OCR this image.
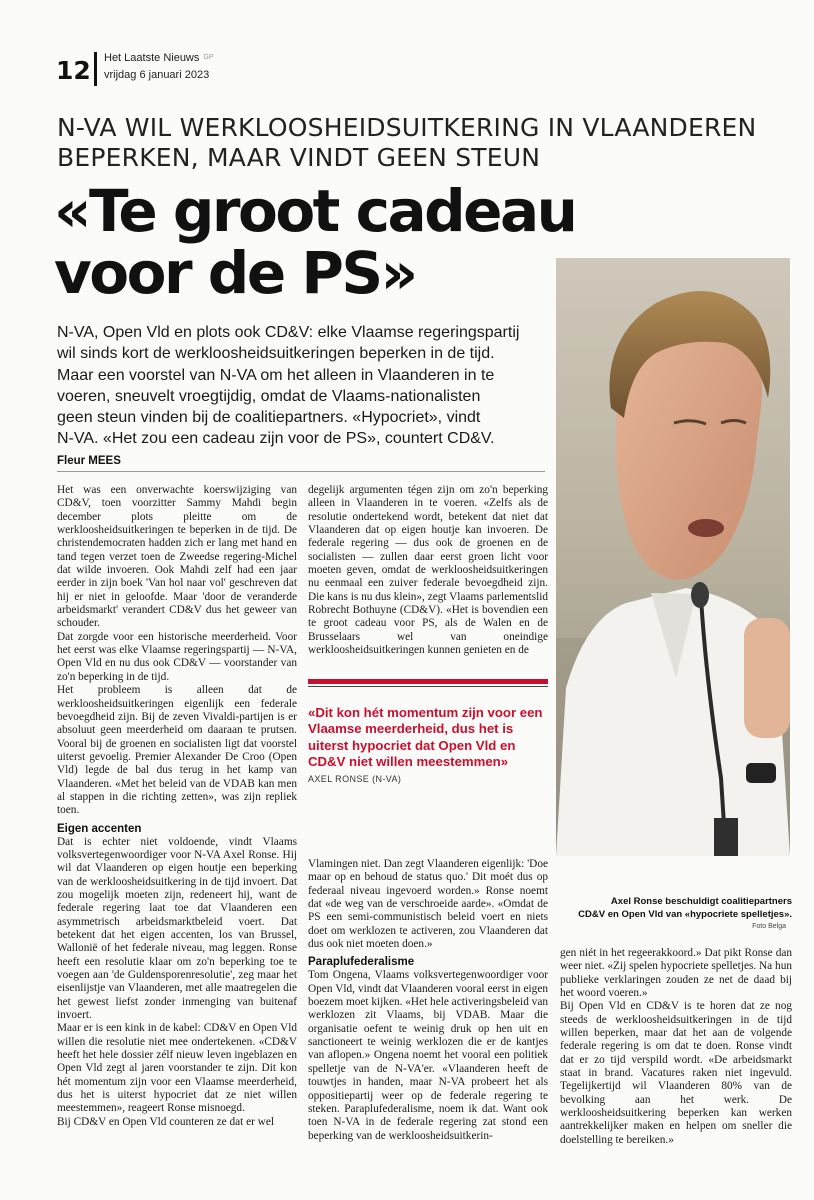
12 Het Laatste Nieuws GP
vrijdag 6 januari 2023
N-VA WIL WERKLOOSHEIDSUITKERING IN VLAANDEREN
BEPERKEN, MAAR VINDT GEEN STEUN
«Te groot cadeau
voor de PS»
N-VA, Open Vld en plots ook CD&V: elke Vlaamse regeringspartij
wil sinds kort de werkloosheidsuitkeringen beperken in de tijd.
Maar een voorstel van N-VA om het alleen in Vlaanderen in te
voeren, sneuvelt vroegtijdig, omdat de Vlaams-nationalisten
geen steun vinden bij de coalitiepartners. «Hypocriet», vindt
N-VA. «Het zou een cadeau zijn voor de PS», countert CD&V.
Fleur MEES
Axel Ronse beschuldigt coalitiepartners
CD&V en Open Vld van «hypocriete spelletjes».
Foto Belga

Het was een onverwachte koerswijziging van CD&V, toen voorzitter Sammy Mahdi begin december plots pleitte om de werkloosheidsuitkeringen te beperken in de tijd. De christendemocraten hadden zich er lang met hand en tand tegen verzet toen de Zweedse regering-Michel dat wilde invoeren. Ook Mahdi zelf had een jaar eerder in zijn boek 'Van hol naar vol' geschreven dat hij er niet in geloofde. Maar 'door de veranderde arbeidsmarkt' verandert CD&V dus het geweer van schouder.

Dat zorgde voor een historische meerderheid. Voor het eerst was elke Vlaamse regeringspartij — N-VA, Open Vld en nu dus ook CD&V — voorstander van zo'n beperking in de tijd.

Het probleem is alleen dat de werkloosheidsuitkeringen eigenlijk een federale bevoegdheid zijn. Bij de zeven Vivaldi-partijen is er absoluut geen meerderheid om daaraan te prutsen. Vooral bij de groenen en socialisten ligt dat voorstel uiterst gevoelig. Premier Alexander De Croo (Open Vld) legde de bal dus terug in het kamp van Vlaanderen. «Met het beleid van de VDAB kan men al stappen in die richting zetten», was zijn repliek toen.

Eigen accenten

Dat is echter niet voldoende, vindt Vlaams volksvertegenwoordiger voor N-VA Axel Ronse. Hij wil dat Vlaanderen op eigen houtje een beperking van de werkloosheidsuitkering in de tijd invoert. Dat zou mogelijk moeten zijn, redeneert hij, want de federale regering laat toe dat Vlaanderen een asymmetrisch arbeidsmarktbeleid voert. Dat betekent dat het eigen accenten, los van Brussel, Wallonië of het federale niveau, mag leggen. Ronse heeft een resolutie klaar om zo'n beperking toe te voegen aan 'de Guldensporenresolutie', zeg maar het eisenlijstje van Vlaanderen, met alle maatregelen die het gewest liefst zonder inmenging van buitenaf invoert.

Maar er is een kink in de kabel: CD&V en Open Vld willen die resolutie niet mee ondertekenen. «CD&V heeft het hele dossier zélf nieuw leven ingeblazen en Open Vld zegt al jaren voorstander te zijn. Dit kon hét momentum zijn voor een Vlaamse meerderheid, dus het is uiterst hypocriet dat ze niet willen meestemmen», reageert Ronse misnoegd.

Bij CD&V en Open Vld counteren ze dat er wel

degelijk argumenten tégen zijn om zo'n beperking alleen in Vlaanderen in te voeren. «Zelfs als de resolutie ondertekend wordt, betekent dat niet dat Vlaanderen dat op eigen houtje kan invoeren. De federale regering — dus ook de groenen en de socialisten — zullen daar eerst groen licht voor moeten geven, omdat de werkloosheidsuitkeringen nu eenmaal een zuiver federale bevoegdheid zijn. Die kans is nu dus klein», zegt Vlaams parlementslid Robrecht Bothuyne (CD&V). «Het is bovendien een te groot cadeau voor PS, als de Walen en de Brusselaars wel van oneindige werkloosheidsuitkeringen kunnen genieten en de

«Dit kon hét momentum zijn voor een Vlaamse meerderheid, dus het is uiterst hypocriet dat Open Vld en CD&V niet willen meestemmen»
AXEL RONSE (N-VA)

Vlamingen niet. Dan zegt Vlaanderen eigenlijk: 'Doe maar op en behoud de status quo.' Dit moét dus op federaal niveau ingevoerd worden.» Ronse noemt dat «de weg van de verschroeide aarde». «Omdat de PS een semi-communistisch beleid voert en niets doet om werklozen te activeren, zou Vlaanderen dat dus ook niet moeten doen.»

Paraplufederalisme

Tom Ongena, Vlaams volksvertegenwoordiger voor Open Vld, vindt dat Vlaanderen vooral eerst in eigen boezem moet kijken. «Het hele activeringsbeleid van werklozen zit Vlaams, bij VDAB. Maar die organisatie oefent te weinig druk op hen uit en sanctioneert te weinig werklozen die er de kantjes van aflopen.» Ongena noemt het vooral een politiek spelletje van de N-VA'er. «Vlaanderen heeft de touwtjes in handen, maar N-VA probeert het als oppositiepartij weer op de federale regering te steken. Paraplufederalisme, noem ik dat. Want ook toen N-VA in de federale regering zat stond een beperking van de werkloosheidsuitkerin-

gen niét in het regeerakkoord.» Dat pikt Ronse dan weer niet. «Zij spelen hypocriete spelletjes. Na hun publieke verklaringen zouden ze net de daad bij het woord voeren.»

Bij Open Vld en CD&V is te horen dat ze nog steeds de werkloosheidsuitkeringen in de tijd willen beperken, maar dat het aan de volgende federale regering is om dat te doen. Ronse vindt dat er zo tijd verspild wordt. «De arbeidsmarkt staat in brand. Vacatures raken niet ingevuld. Tegelijkertijd wil Vlaanderen 80% van de bevolking aan het werk. De werkloosheidsuitkering beperken kan werken aantrekkelijker maken en helpen om sneller die doelstelling te bereiken.»
